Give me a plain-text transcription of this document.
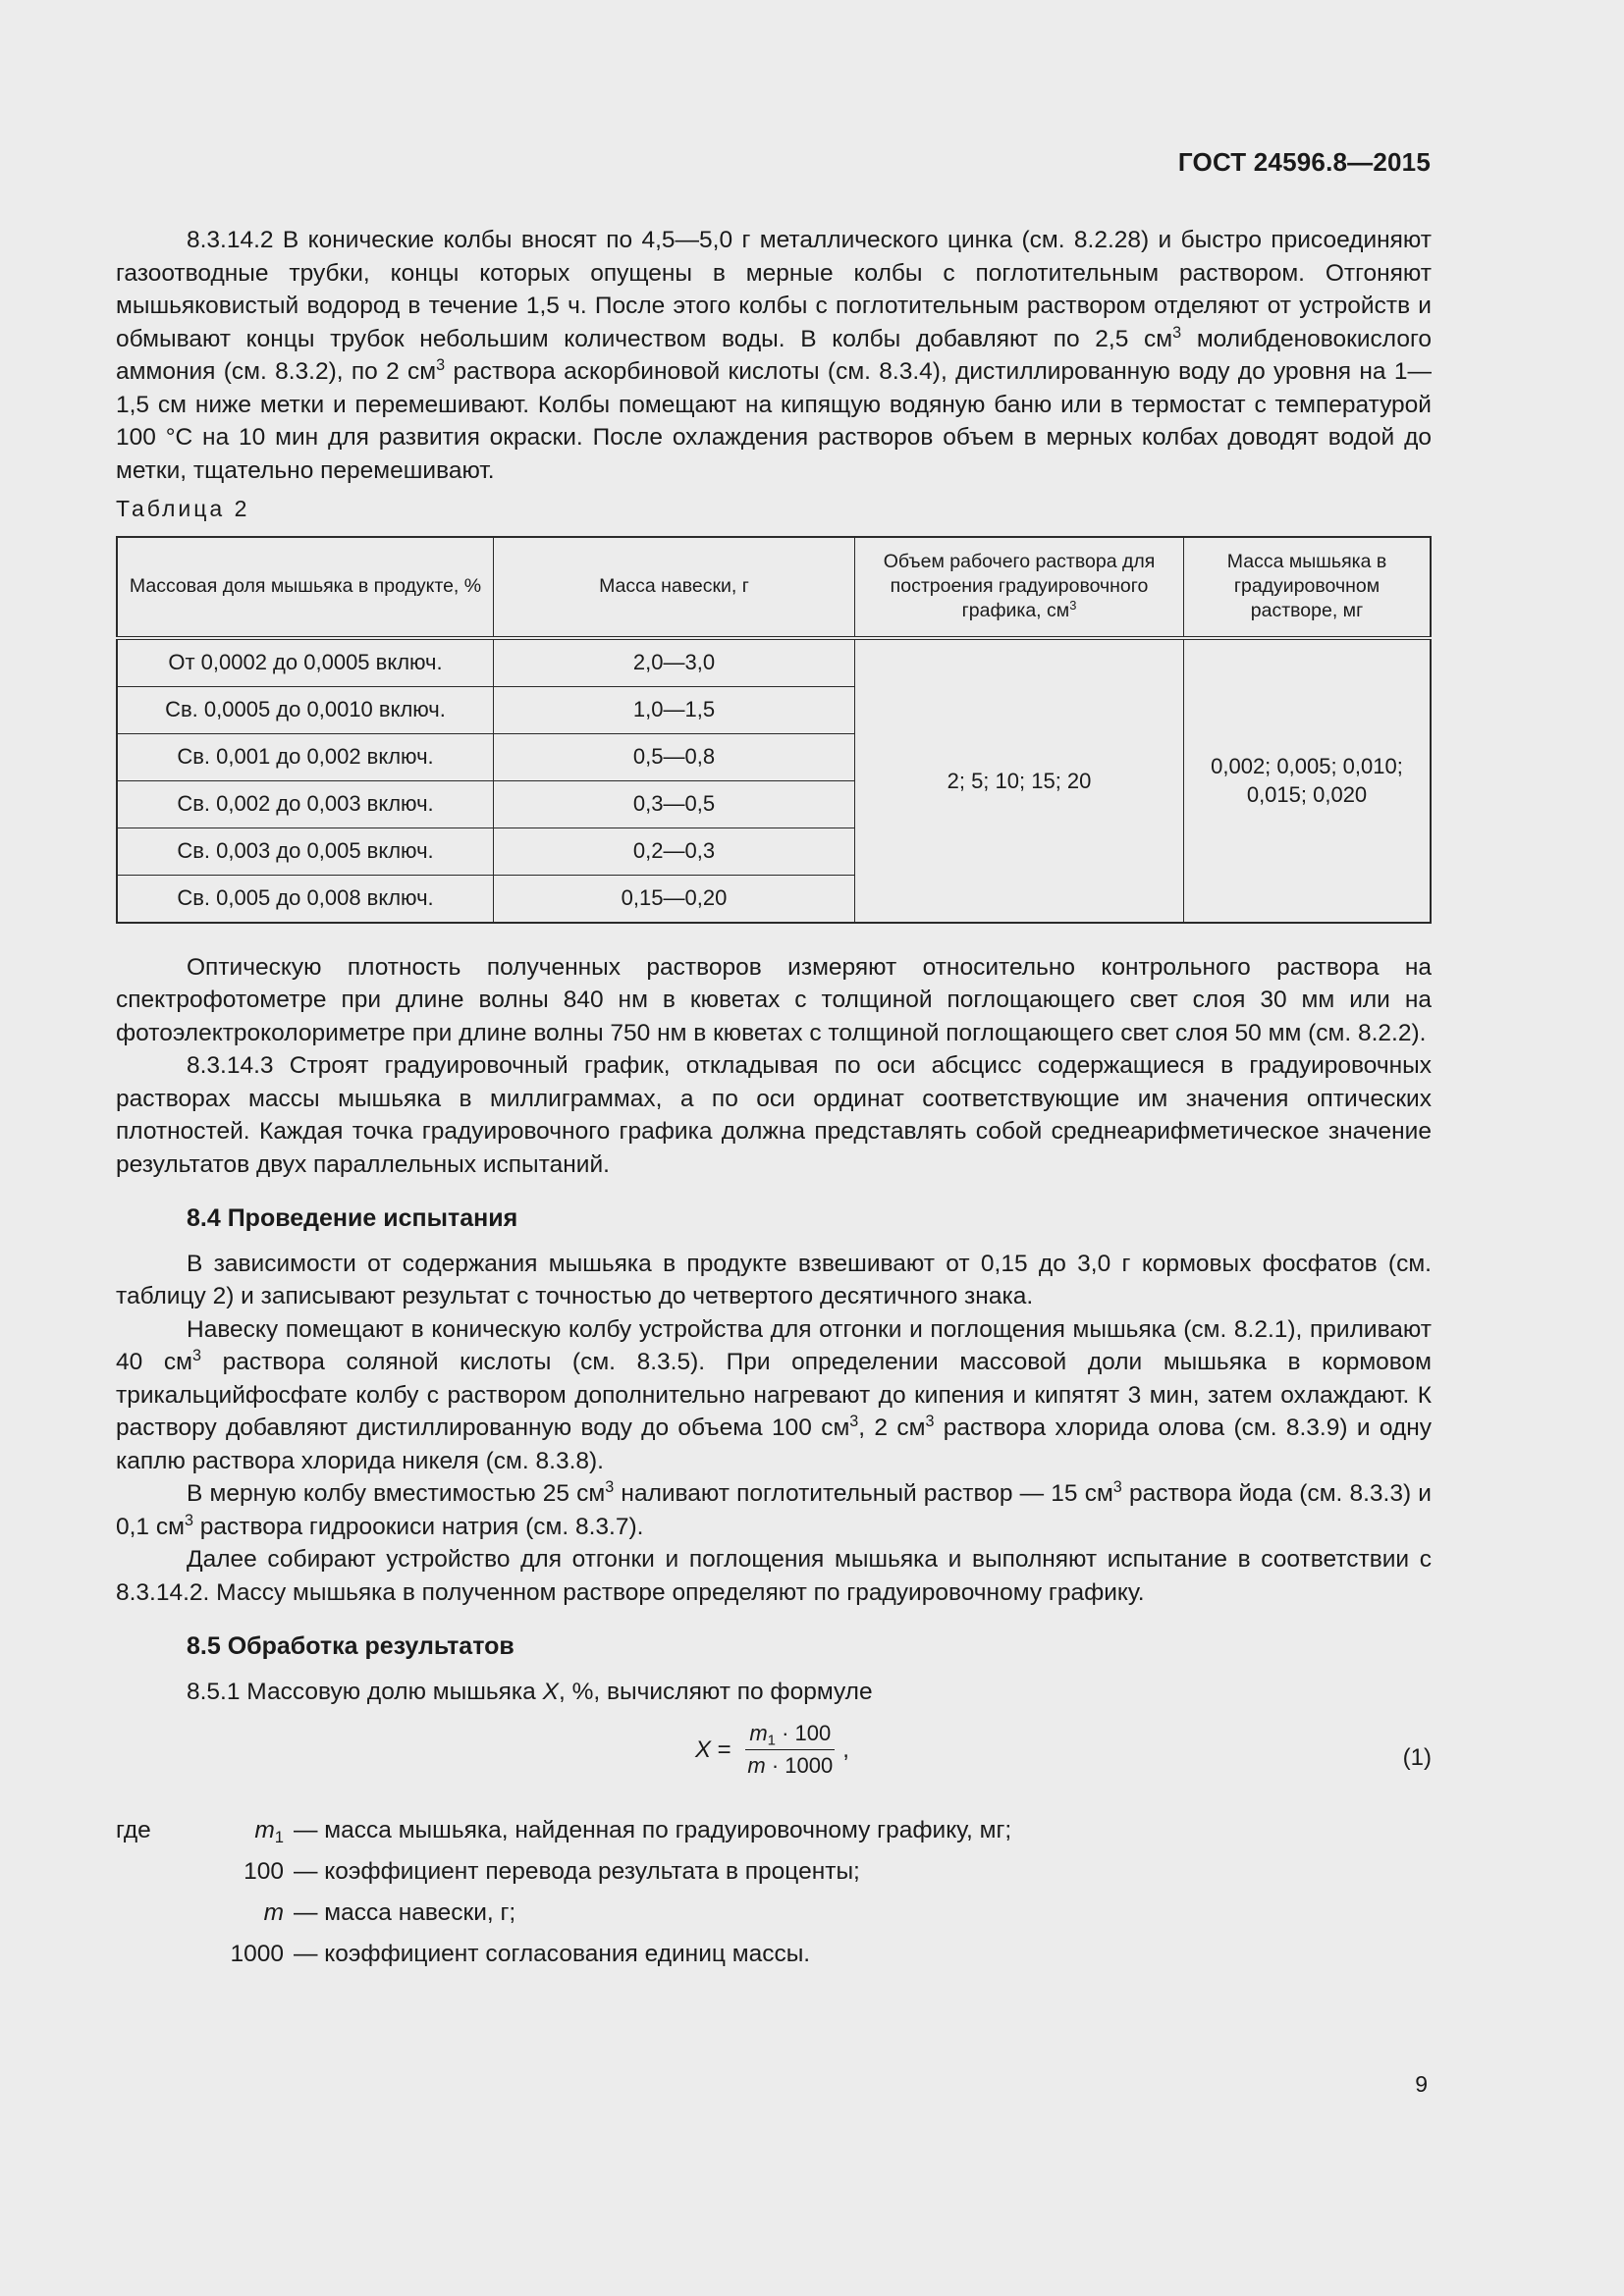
ГОСТ 24596.8—2015

8.3.14.2 В конические колбы вносят по 4,5—5,0 г металлического цинка (см. 8.2.28) и быстро присоединяют газоотводные трубки, концы которых опущены в мерные колбы с поглотительным раствором. Отгоняют мышьяковистый водород в течение 1,5 ч. После этого колбы с поглотительным раствором отделяют от устройств и обмывают концы трубок небольшим количеством воды. В колбы добавляют по 2,5 $см^3$ молибденовокислого аммония (см. 8.3.2), по 2 $см^3$ раствора аскорбиновой кислоты (см. 8.3.4), дистиллированную воду до уровня на 1—1,5 см ниже метки и перемешивают. Колбы помещают на кипящую водяную баню или в термостат с температурой 100 °С на 10 мин для развития окраски. После охлаждения растворов объем в мерных колбах доводят водой до метки, тщательно перемешивают.

Таблица 2
Массовая доля мышьяка в продукте, %	Масса навески, г	Объем рабочего раствора для построения градуировочного графика, $см^3$	Масса мышьяка в градуировочном растворе, мг
От 0,0002 до 0,0005 включ.	2,0—3,0	2; 5; 10; 15; 20	0,002; 0,005; 0,010;
0,015; 0,020
Св. 0,0005 до 0,0010 включ.	1,0—1,5		
Св. 0,001 до 0,002 включ.	0,5—0,8		
Св. 0,002 до 0,003 включ.	0,3—0,5		
Св. 0,003 до 0,005 включ.	0,2—0,3		
Св. 0,005 до 0,008 включ.	0,15—0,20		

Оптическую плотность полученных растворов измеряют относительно контрольного раствора на спектрофотометре при длине волны 840 нм в кюветах с толщиной поглощающего свет слоя 30 мм или на фотоэлектроколориметре при длине волны 750 нм в кюветах с толщиной поглощающего свет слоя 50 мм (см. 8.2.2).

8.3.14.3 Строят градуировочный график, откладывая по оси абсцисс содержащиеся в градуировочных растворах массы мышьяка в миллиграммах, а по оси ординат соответствующие им значения оптических плотностей. Каждая точка градуировочного графика должна представлять собой среднеарифметическое значение результатов двух параллельных испытаний.

8.4 Проведение испытания

В зависимости от содержания мышьяка в продукте взвешивают от 0,15 до 3,0 г кормовых фосфатов (см. таблицу 2) и записывают результат с точностью до четвертого десятичного знака.

Навеску помещают в коническую колбу устройства для отгонки и поглощения мышьяка (см. 8.2.1), приливают 40 $см^3$ раствора соляной кислоты (см. 8.3.5). При определении массовой доли мышьяка в кормовом трикальцийфосфате колбу с раствором дополнительно нагревают до кипения и кипятят 3 мин, затем охлаждают. К раствору добавляют дистиллированную воду до объема 100 $см^3$, 2 $см^3$ раствора хлорида олова (см. 8.3.9) и одну каплю раствора хлорида никеля (см. 8.3.8).

В мерную колбу вместимостью 25 $см^3$ наливают поглотительный раствор — 15 $см^3$ раствора йода (см. 8.3.3) и 0,1 $см^3$ раствора гидроокиси натрия (см. 8.3.7).

Далее собирают устройство для отгонки и поглощения мышьяка и выполняют испытание в соответствии с 8.3.14.2. Массу мышьяка в полученном растворе определяют по градуировочному графику.

8.5 Обработка результатов

8.5.1 Массовую долю мышьяка X, %, вычисляют по формуле

$X = \frac{m_1 \cdot 100}{m \cdot 1000}$ ,	(1)
где	$m_1$ — масса мышьяка, найденная по градуировочному графику, мг;
100 — коэффициент перевода результата в проценты;
m — масса навески, г;
1000 — коэффициент согласования единиц массы.
9
